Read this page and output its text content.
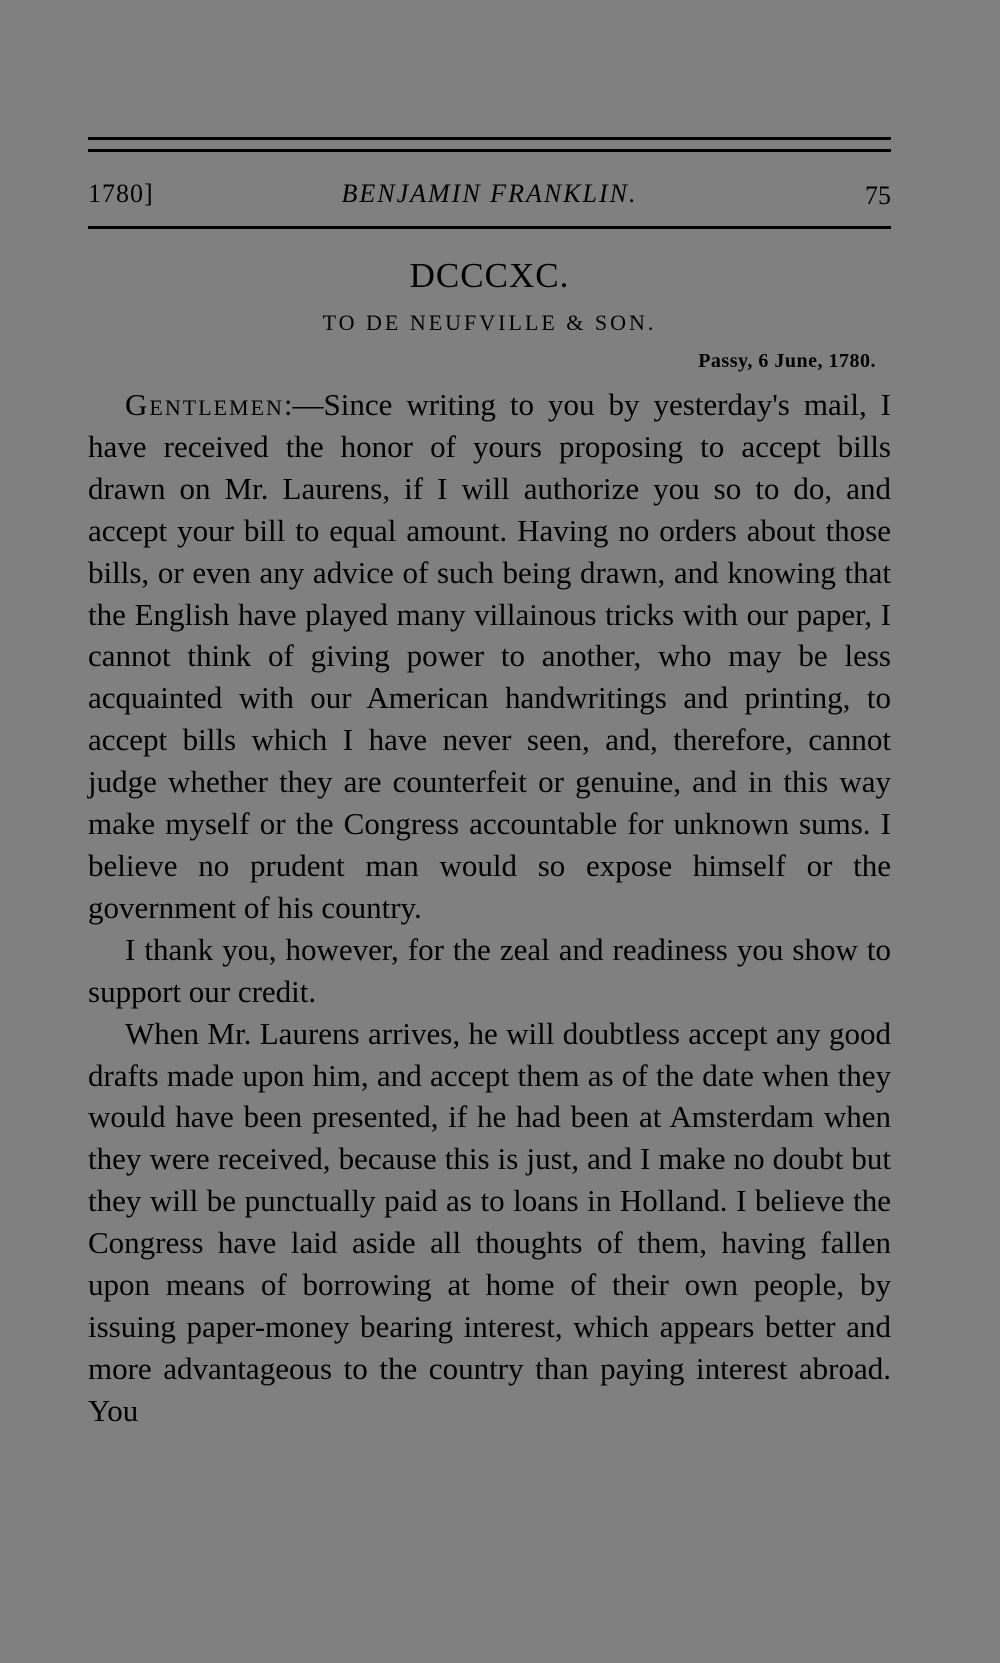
1780]	BENJAMIN FRANKLIN.	75
DCCCXC.
TO DE NEUFVILLE & SON.
Passy, 6 June, 1780.

Gentlemen:—Since writing to you by yesterday's mail, I have received the honor of yours proposing to accept bills drawn on Mr. Laurens, if I will authorize you so to do, and accept your bill to equal amount. Having no orders about those bills, or even any advice of such being drawn, and knowing that the English have played many villainous tricks with our paper, I cannot think of giving power to another, who may be less acquainted with our American handwritings and printing, to accept bills which I have never seen, and, therefore, cannot judge whether they are counterfeit or genuine, and in this way make myself or the Congress accountable for unknown sums. I believe no prudent man would so expose himself or the government of his country.

I thank you, however, for the zeal and readiness you show to support our credit.

When Mr. Laurens arrives, he will doubtless accept any good drafts made upon him, and accept them as of the date when they would have been presented, if he had been at Amsterdam when they were received, because this is just, and I make no doubt but they will be punctually paid as to loans in Holland. I believe the Congress have laid aside all thoughts of them, having fallen upon means of borrowing at home of their own people, by issuing paper-money bearing interest, which appears better and more advantageous to the country than paying interest abroad. You
